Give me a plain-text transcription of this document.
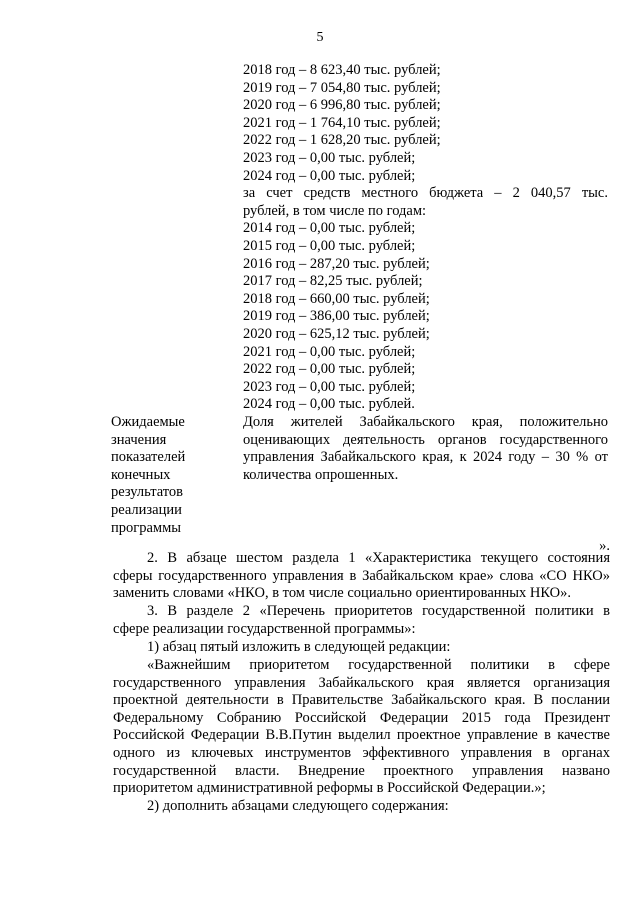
5
2018 год – 8 623,40 тыс. рублей;
2019 год – 7 054,80 тыс. рублей;
2020 год – 6 996,80 тыс. рублей;
2021 год – 1 764,10 тыс. рублей;
2022 год – 1 628,20 тыс. рублей;
2023 год – 0,00 тыс. рублей;
2024 год – 0,00 тыс. рублей;
за счет средств местного бюджета – 2 040,57 тыс.
рублей, в том числе по годам:
2014 год – 0,00 тыс. рублей;
2015 год – 0,00 тыс. рублей;
2016 год – 287,20 тыс. рублей;
2017 год – 82,25 тыс. рублей;
2018 год – 660,00 тыс. рублей;
2019 год – 386,00 тыс. рублей;
2020 год – 625,12 тыс. рублей;
2021 год – 0,00 тыс. рублей;
2022 год – 0,00 тыс. рублей;
2023 год – 0,00 тыс. рублей;
2024 год – 0,00 тыс. рублей.
Ожидаемые
значения
показателей
конечных
результатов
реализации
программы
Доля жителей Забайкальского края, положительно
оценивающих деятельность органов государственного
управления Забайкальского края, к 2024 году – 30 % от
количества опрошенных.
».
2. В абзаце шестом раздела 1 «Характеристика текущего состояния
сферы государственного управления в Забайкальском крае» слова «СО НКО»
заменить словами «НКО, в том числе социально ориентированных НКО».
3. В разделе 2 «Перечень приоритетов государственной политики в
сфере реализации государственной программы»:
1) абзац пятый изложить в следующей редакции:
«Важнейшим приоритетом государственной политики в сфере
государственного управления Забайкальского края является организация
проектной деятельности в Правительстве Забайкальского края. В послании
Федеральному Собранию Российской Федерации 2015 года Президент
Российской Федерации В.В.Путин выделил проектное управление в качестве
одного из ключевых инструментов эффективного управления в органах
государственной власти. Внедрение проектного управления названо
приоритетом административной реформы в Российской Федерации.»;
2) дополнить абзацами следующего содержания:
